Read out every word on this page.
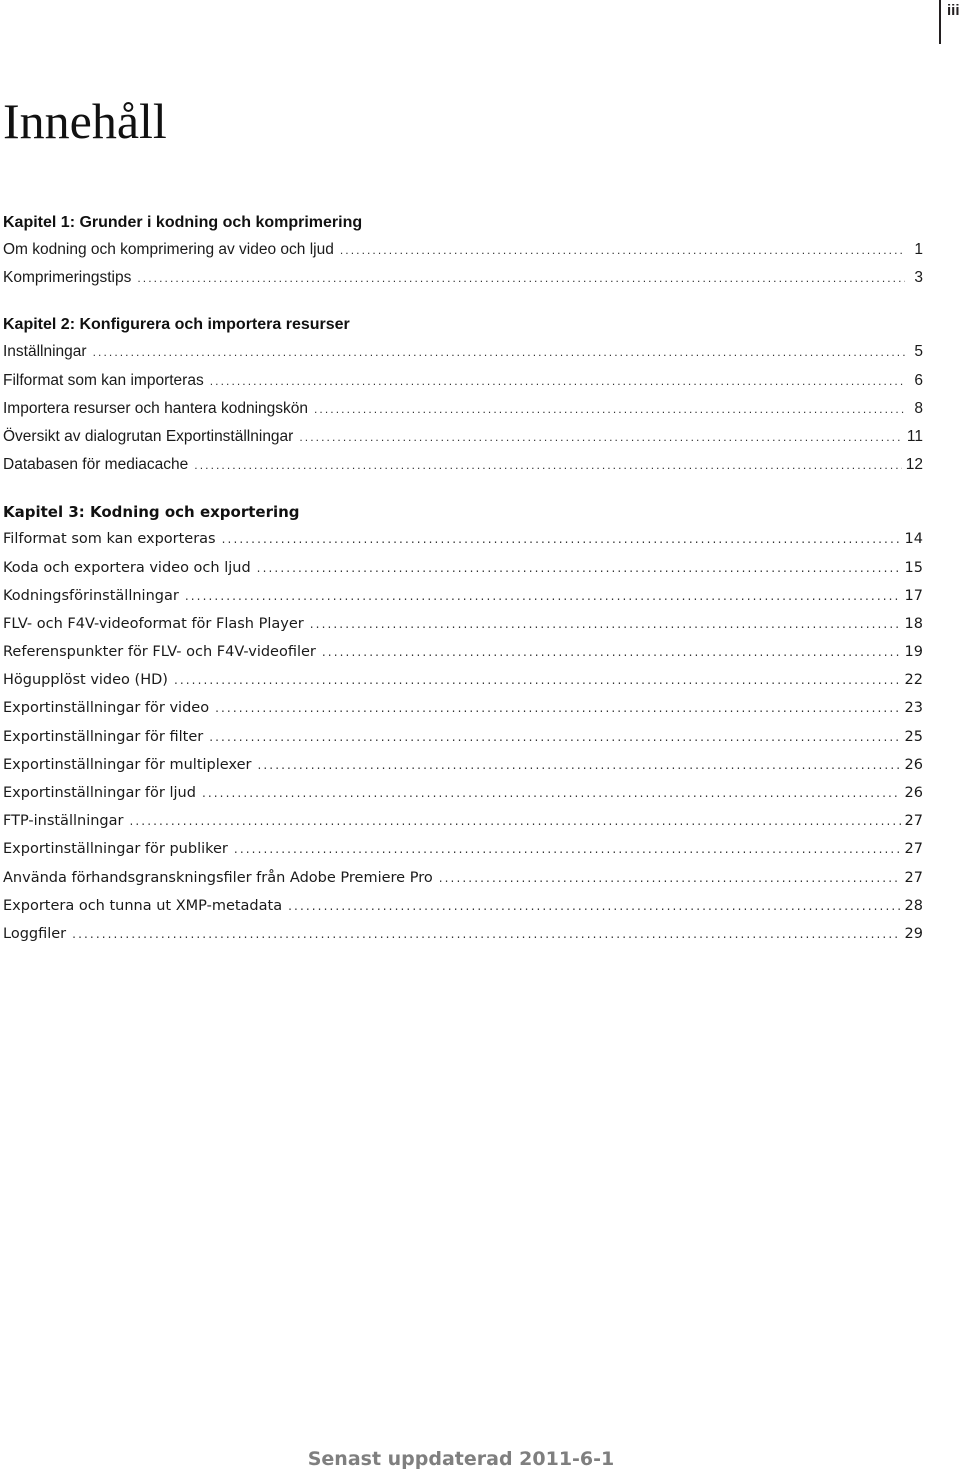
iii
Innehåll
Kapitel 1: Grunder i kodning och komprimering
Om kodning och komprimering av video och ljud .....	1
Komprimeringstips .....	3
Kapitel 2: Konfigurera och importera resurser
Inställningar .....	5
Filformat som kan importeras .....	6
Importera resurser och hantera kodningskön .....	8
Översikt av dialogrutan Exportinställningar .....	11
Databasen för mediacache .....	12
Kapitel 3: Kodning och exportering
Filformat som kan exporteras .....	14
Koda och exportera video och ljud .....	15
Kodningsförinställningar .....	17
FLV- och F4V-videoformat för Flash Player .....	18
Referenspunkter för FLV- och F4V-videofiler .....	19
Högupplöst video (HD) .....	22
Exportinställningar för video .....	23
Exportinställningar för filter .....	25
Exportinställningar för multiplexer .....	26
Exportinställningar för ljud .....	26
FTP-inställningar .....	27
Exportinställningar för publiker .....	27
Använda förhandsgranskningsfiler från Adobe Premiere Pro .....	27
Exportera och tunna ut XMP-metadata .....	28
Loggfiler .....	29
Senast uppdaterad 2011-6-1
